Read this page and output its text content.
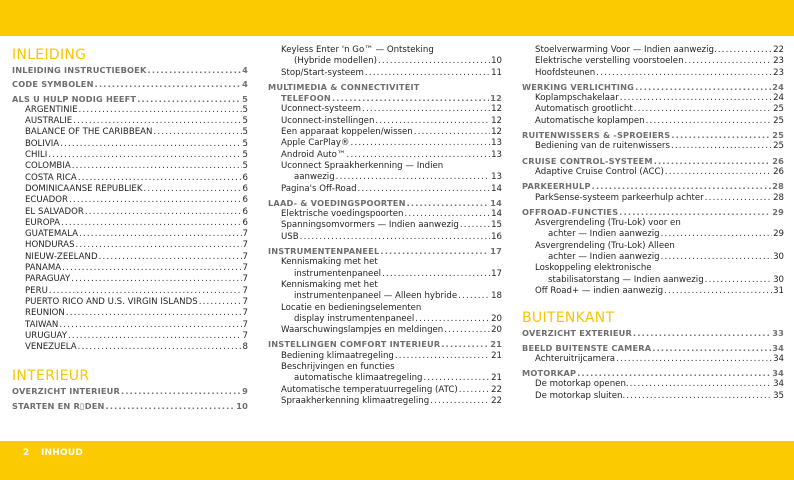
INLEIDING
INLEIDING INSTRUCTIEBOEK .....	4
CODE SYMBOLEN .....	4
ALS U HULP NODIG HEEFT .....	5
ARGENTINIË .....	5
AUSTRALIË .....	5
BALANCE OF THE CARIBBEAN .....	5
BOLIVIA .....	5
CHILI .....	5
COLOMBIA .....	5
COSTA RICA .....	6
DOMINICAANSE REPUBLIEK .....	6
ECUADOR .....	6
EL SALVADOR .....	6
EUROPA .....	6
GUATEMALA .....	7
HONDURAS .....	7
NIEUW-ZEELAND .....	7
PANAMA .....	7
PARAGUAY .....	7
PERU .....	7
PUERTO RICO AND U.S. VIRGIN ISLANDS .....	7
REUNION .....	7
TAIWAN .....	7
URUGUAY .....	7
VENEZUELA .....	8
INTERIEUR
OVERZICHT INTERIEUR .....	9
STARTEN EN R▯DEN .....	10
Keyless Enter 'n Go™ — Ontsteking
(Hybride modellen) .....	10
Stop/Start-systeem .....	11
MULTIMEDIA & CONNECTIVITEIT
TELEFOON .....	12
Uconnect-systeem .....	12
Uconnect-instellingen .....	12
Een apparaat koppelen/wissen .....	12
Apple CarPlay® .....	13
Android Auto™ .....	13
Uconnect Spraakherkenning — Indien
aanwezig .....	13
Pagina's Off-Road .....	14
LAAD- & VOEDINGSPOORTEN .....	14
Elektrische voedingspoorten .....	14
Spanningsomvormers — Indien aanwezig .....	15
USB .....	16
INSTRUMENTENPANEEL .....	17
Kennismaking met het
instrumentenpaneel .....	17
Kennismaking met het
instrumentenpaneel — Alleen hybride .....	18
Locatie en bedieningselementen
display instrumentenpaneel .....	20
Waarschuwingslampjes en meldingen .....	20
INSTELLINGEN COMFORT INTERIEUR .....	21
Bediening klimaatregeling .....	21
Beschrijvingen en functies
automatische klimaatregeling .....	21
Automatische temperatuurregeling (ATC) .....	22
Spraakherkenning klimaatregeling .....	22
Stoelverwarming Voor — Indien aanwezig. .....	22
Elektrische verstelling voorstoelen .....	23
Hoofdsteunen .....	23
WERKING VERLICHTING .....	24
Koplampschakelaar .....	24
Automatisch grootlicht .....	25
Automatische koplampen .....	25
RUITENWISSERS & -SPROEIERS .....	25
Bediening van de ruitenwissers .....	25
CRUISE CONTROL-SYSTEEM .....	26
Adaptive Cruise Control (ACC) .....	26
PARKEERHULP .....	28
ParkSense-systeem parkeerhulp achter .....	28
OFFROAD-FUNCTIES .....	29
Asvergrendeling (Tru-Lok) voor en
achter — Indien aanwezig .....	29
Asvergrendeling (Tru-Lok) Alleen
achter — Indien aanwezig .....	30
Loskoppeling elektronische
stabilisatorstang — Indien aanwezig .....	30
Off Road+ — indien aanwezig .....	31
BUITENKANT
OVERZICHT EXTERIEUR .....	33
BEELD BUITENSTE CAMERA .....	34
Achteruitrijcamera .....	34
MOTORKAP .....	34
De motorkap openen. .....	34
De motorkap sluiten. .....	35
2 INHOUD
